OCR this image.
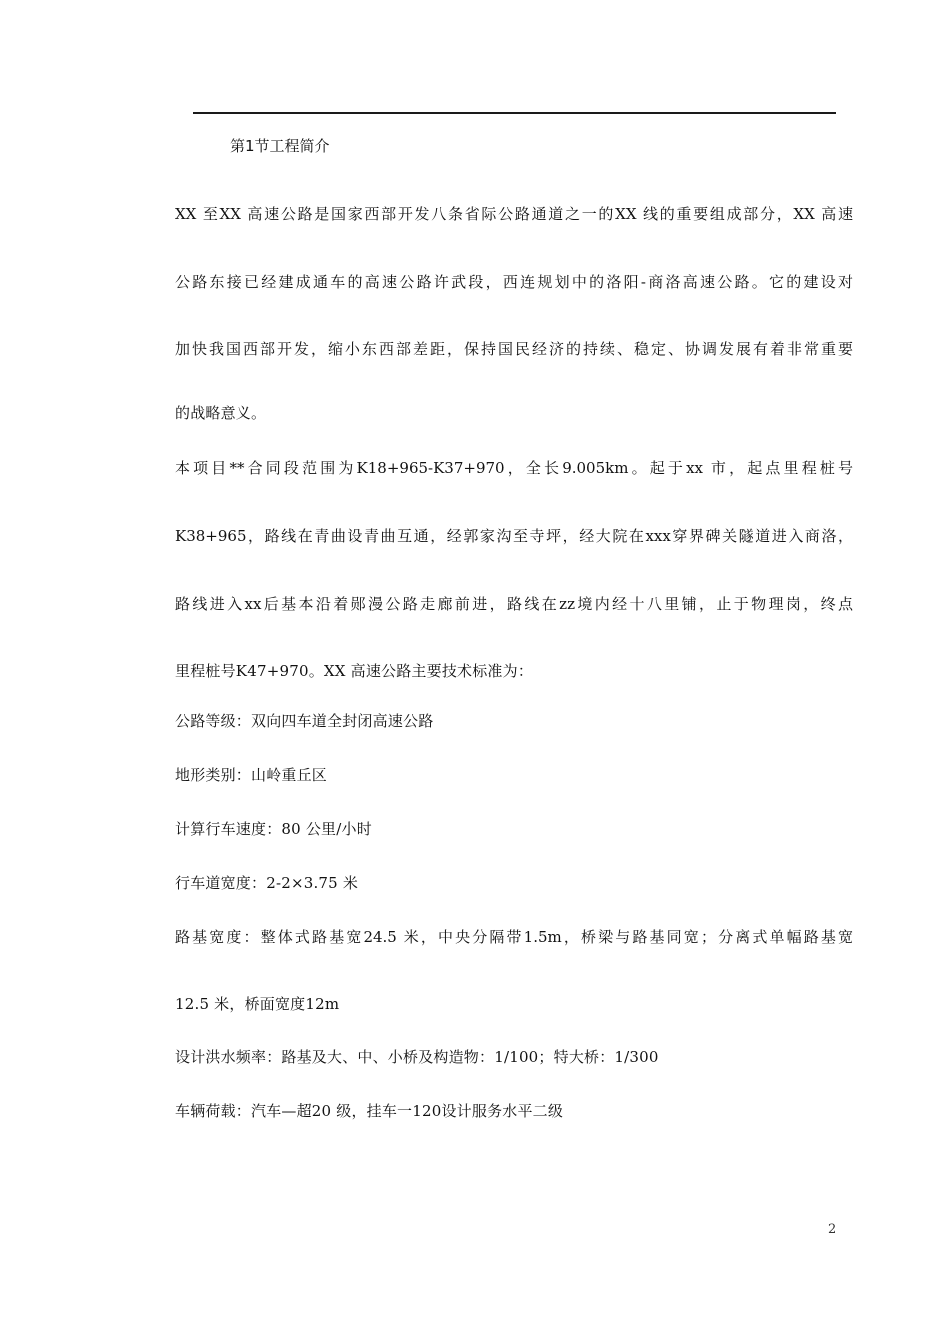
第1节工程简介
XX 至XX 高速公路是国家西部开发八条省际公路通道之一的XX 线的重要组成部分，XX 高速
公路东接已经建成通车的高速公路许武段，西连规划中的洛阳-商洛高速公路。它的建设对
加快我国西部开发，缩小东西部差距，保持国民经济的持续、稳定、协调发展有着非常重要
的战略意义。
本项目**合同段范围为K18+965-K37+970，全长9.005km。起于xx 市，起点里程桩号
K38+965，路线在青曲设青曲互通，经郭家沟至寺坪，经大院在xxx穿界碑关隧道进入商洛，
路线进入xx后基本沿着郧漫公路走廊前进，路线在zz境内经十八里铺，止于物理岗，终点
里程桩号K47+970。XX 高速公路主要技术标准为：
公路等级：双向四车道全封闭高速公路
地形类别：山岭重丘区
计算行车速度：80 公里/小时
行车道宽度：2-2×3.75 米
路基宽度：整体式路基宽24.5 米，中央分隔带1.5m，桥梁与路基同宽；分离式单幅路基宽
12.5 米，桥面宽度12m
设计洪水频率：路基及大、中、小桥及构造物：1/100；特大桥：1/300
车辆荷载：汽车—超20 级，挂车一120设计服务水平二级
2
